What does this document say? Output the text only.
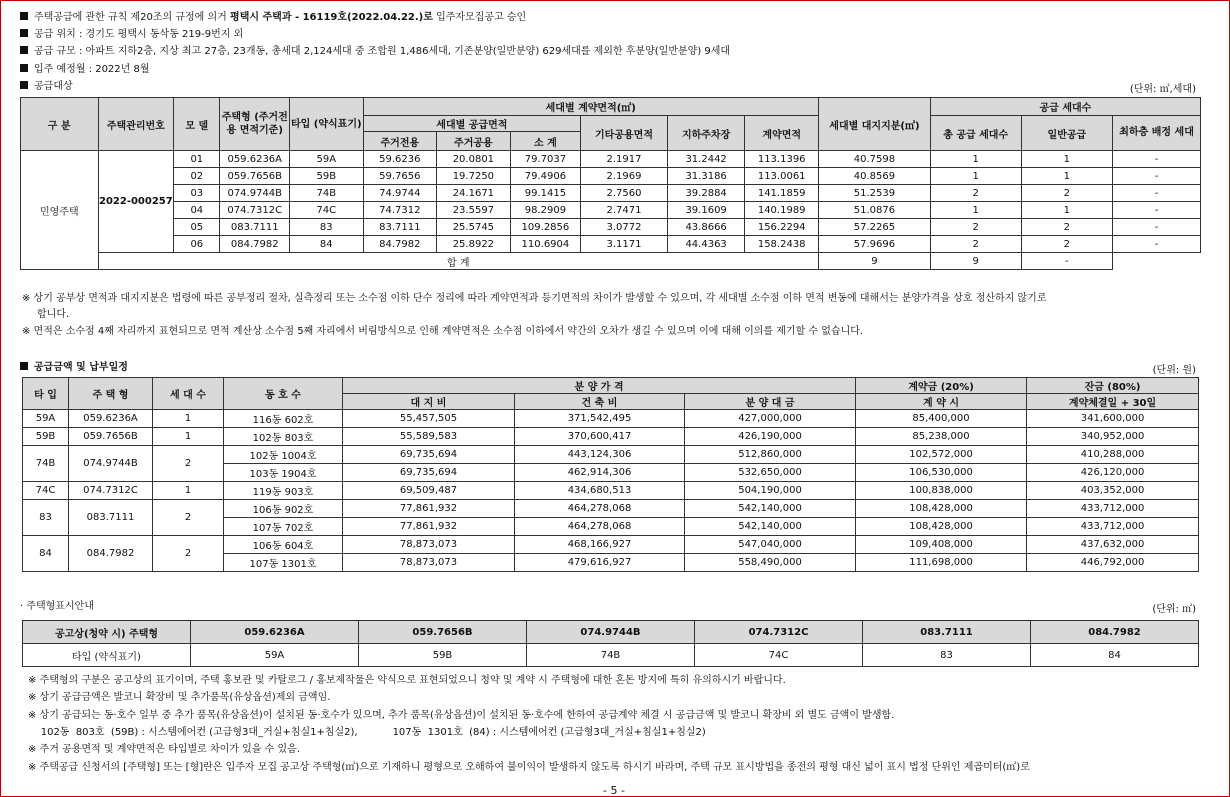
주택공급에 관한 규칙 제20조의 규정에 의거 평택시 주택과 - 16119호(2022.04.22.)로 입주자모집공고 승인
공급 위치 : 경기도 평택시 동삭동 219-9번지 외
공급 규모 : 아파트 지하2층, 지상 최고 27층, 23개동, 총세대 2,124세대 중 조합원 1,486세대, 기존분양(일반분양) 629세대를 제외한 후분양(일반분양) 9세대
입주 예정월 : 2022년 8월
공급대상	(단위: ㎡,세대)
구 분	주택관리번호	모 델	주택형 (주거전용 면적기준)	타입 (약식표기)	세대별 계약면적(㎡)						세대별 대지지분(㎡)	공급 세대수		
					세대별 공급면적			기타공용면적	지하주차장	계약면적		총 공급 세대수	일반공급	최하층 배정 세대
					주거전용	주거공용	소 계							
민영주택	2022-000257	01	059.6236A	59A	59.6236	20.0801	79.7037	2.1917	31.2442	113.1396	40.7598	1	1	-
		02	059.7656B	59B	59.7656	19.7250	79.4906	2.1969	31.3186	113.0061	40.8569	1	1	-
		03	074.9744B	74B	74.9744	24.1671	99.1415	2.7560	39.2884	141.1859	51.2539	2	2	-
		04	074.7312C	74C	74.7312	23.5597	98.2909	2.7471	39.1609	140.1989	51.0876	1	1	-
		05	083.7111	83	83.7111	25.5745	109.2856	3.0772	43.8666	156.2294	57.2265	2	2	-
		06	084.7982	84	84.7982	25.8922	110.6904	3.1171	44.4363	158.2438	57.9696	2	2	-
	합 계										9	9	-	
※ 상기 공부상 면적과 대지지분은 법령에 따른 공부정리 절차, 실측정리 또는 소수점 이하 단수 정리에 따라 계약면적과 등기면적의 차이가 발생할 수 있으며, 각 세대별 소수점 이하 면적 변동에 대해서는 분양가격을 상호 정산하지 않기로
합니다.
※ 면적은 소수점 4째 자리까지 표현되므로 면적 계산상 소수점 5째 자리에서 버림방식으로 인해 계약면적은 소수점 이하에서 약간의 오차가 생길 수 있으며 이에 대해 이의를 제기할 수 없습니다.
공급금액 및 납부일정	(단위: 원)
타 입	주 택 형	세 대 수	동 호 수	분 양 가 격			계약금 (20%)	잔금 (80%)
				대 지 비	건 축 비	분 양 대 금	계 약 시	계약체결일 + 30일
59A	059.6236A	1	116동 602호	55,457,505	371,542,495	427,000,000	85,400,000	341,600,000
59B	059.7656B	1	102동 803호	55,589,583	370,600,417	426,190,000	85,238,000	340,952,000
74B	074.9744B	2	102동 1004호	69,735,694	443,124,306	512,860,000	102,572,000	410,288,000
			103동 1904호	69,735,694	462,914,306	532,650,000	106,530,000	426,120,000
74C	074.7312C	1	119동 903호	69,509,487	434,680,513	504,190,000	100,838,000	403,352,000
83	083.7111	2	106동 902호	77,861,932	464,278,068	542,140,000	108,428,000	433,712,000
			107동 702호	77,861,932	464,278,068	542,140,000	108,428,000	433,712,000
84	084.7982	2	106동 604호	78,873,073	468,166,927	547,040,000	109,408,000	437,632,000
			107동 1301호	78,873,073	479,616,927	558,490,000	111,698,000	446,792,000
· 주택형표시안내	(단위: ㎡)
공고상(청약 시) 주택형	059.6236A	059.7656B	074.9744B	074.7312C	083.7111	084.7982
타입 (약식표기)	59A	59B	74B	74C	83	84
※ 주택형의 구분은 공고상의 표기이며, 주택 홍보관 및 카탈로그 / 홍보제작물은 약식으로 표현되었으니 청약 및 계약 시 주택형에 대한 혼돈 방지에 특히 유의하시기 바랍니다.
※ 상기 공급금액은 발코니 확장비 및 추가품목(유상옵션)제외 금액임.
※ 상기 공급되는 동·호수 일부 중 추가 품목(유상옵션)이 설치된 동·호수가 있으며, 추가 품목(유상옵션)이 설치된 동·호수에 한하여 공급계약 체결 시 공급금액 및 발코니 확장비 외 별도 금액이 발생함.
102동  803호  (59B) : 시스템에어컨 (고급형3대_거실+침실1+침실2),           107동  1301호  (84) : 시스템에어컨 (고급형3대_거실+침실1+침실2)
※ 주거 공용면적 및 계약면적은 타입별로 차이가 있을 수 있음.
※ 주택공급 신청서의 [주택형] 또는 [형]란은 입주자 모집 공고상 주택형(㎡)으로 기재하니 평형으로 오해하여 불이익이 발생하지 않도록 하시기 바라며, 주택 규모 표시방법을 종전의 평형 대신 넓이 표시 법정 단위인 제곱미터(㎡)로
- 5 -
